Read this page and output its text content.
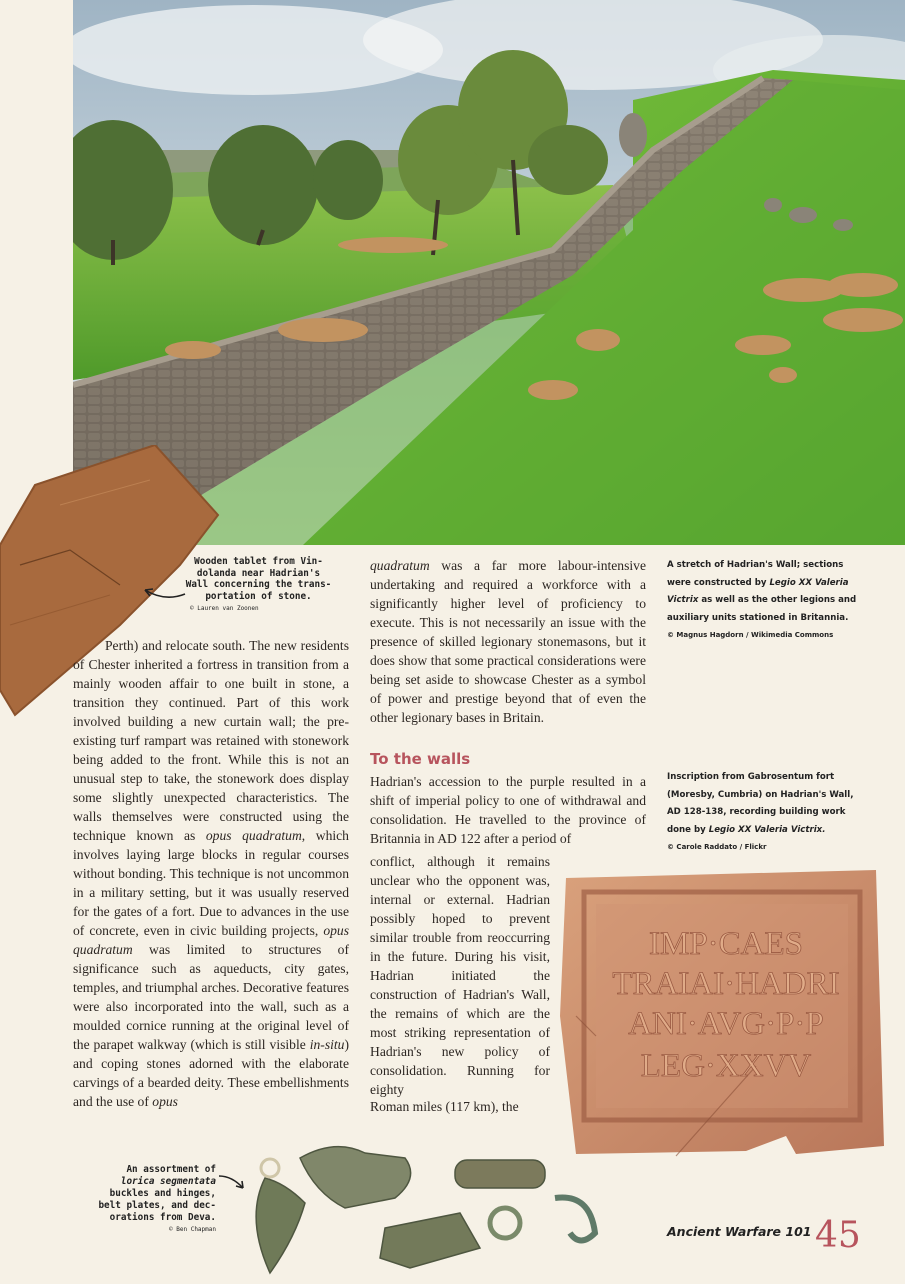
Wooden tablet from Vin-
dolanda near Hadrian's
Wall concerning the trans-
portation of stone.
© Lauren van Zoonen

Perth) and relocate south. The new residents of Chester inherited a fortress in transition from a mainly wooden affair to one built in stone, a transition they continued. Part of this work involved building a new curtain wall; the pre-existing turf rampart was retained with stonework being added to the front. While this is not an unusual step to take, the stonework does display some slightly unexpected characteristics. The walls themselves were constructed using the technique known as opus quadratum, which involves laying large blocks in regular courses without bonding. This technique is not uncommon in a military setting, but it was usually reserved for the gates of a fort. Due to advances in the use of concrete, even in civic building projects, opus quadratum was limited to structures of significance such as aqueducts, city gates, temples, and triumphal arches. Decorative features were also incorporated into the wall, such as a moulded cornice running at the original level of the parapet walkway (which is still visible in-situ) and coping stones adorned with the elaborate carvings of a bearded deity. These embellishments and the use of opus

quadratum was a far more labour-intensive undertaking and required a workforce with a significantly higher level of proficiency to execute. This is not necessarily an issue with the presence of skilled legionary stonemasons, but it does show that some practical considerations were being set aside to showcase Chester as a symbol of power and prestige beyond that of even the other legionary bases in Britain.

To the walls

Hadrian's accession to the purple resulted in a shift of imperial policy to one of withdrawal and consolidation. He travelled to the province of Britannia in AD 122 after a period of

conflict, although it remains unclear who the opponent was, internal or external. Hadrian possibly hoped to prevent similar trouble from reoccurring in the future. During his visit, Hadrian initiated the construction of Hadrian's Wall, the remains of which are the most striking representation of Hadrian's new policy of consolidation. Running for eighty

Roman miles (117 km), the

A stretch of Hadrian's Wall; sections were constructed by Legio XX Valeria Victrix as well as the other legions and auxiliary units stationed in Britannia.
© Magnus Hagdorn / Wikimedia Commons
Inscription from Gabrosentum fort (Moresby, Cumbria) on Hadrian's Wall, AD 128-138, recording building work done by Legio XX Valeria Victrix.
© Carole Raddato / Flickr
IMP·CAES
TRAIAI·HADRI
ANI·AVG·P·P
LEG·XXVV
An assortment of
lorica segmentata
buckles and hinges,
belt plates, and dec-
orations from Deva.
© Ben Chapman	Ancient Warfare 101 45
